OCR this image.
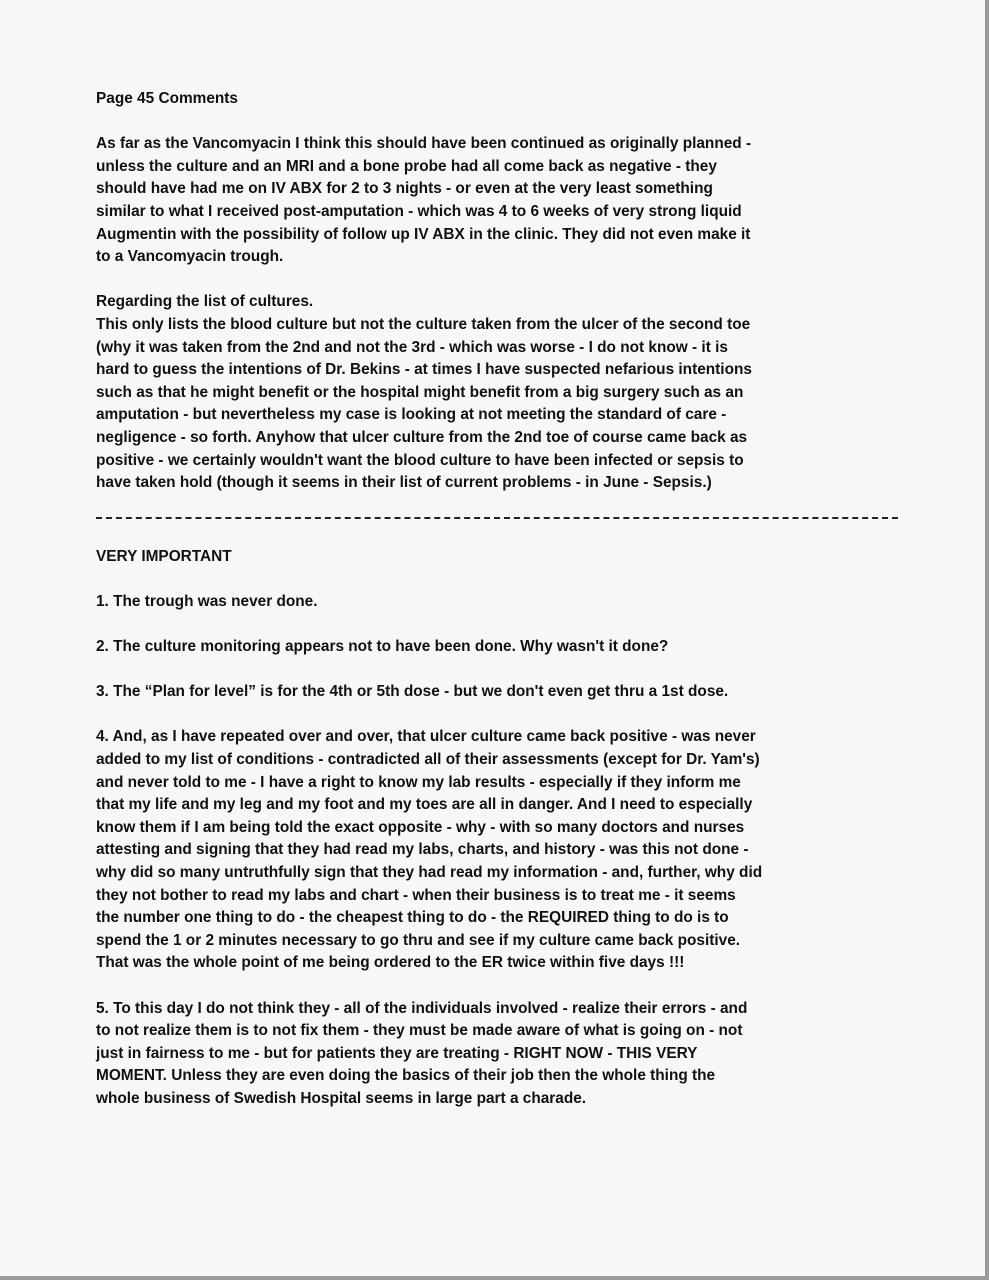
Page 45 Comments
As far as the Vancomyacin I think this should have been continued as originally planned -
unless the culture and an MRI and a bone probe had all come back as negative - they
should have had me on IV ABX for 2 to 3 nights - or even at the very least something
similar to what I received post-amputation - which was 4 to 6 weeks of very strong liquid
Augmentin with the possibility of follow up IV ABX in the clinic. They did not even make it
to a Vancomyacin trough.
Regarding the list of cultures.
This only lists the blood culture but not the culture taken from the ulcer of the second toe
(why it was taken from the 2nd and not the 3rd - which was worse - I do not know - it is
hard to guess the intentions of Dr. Bekins - at times I have suspected nefarious intentions
such as that he might benefit or the hospital might benefit from a big surgery such as an
amputation - but nevertheless my case is looking at not meeting the standard of care -
negligence - so forth. Anyhow that ulcer culture from the 2nd toe of course came back as
positive - we certainly wouldn't want the blood culture to have been infected or sepsis to
have taken hold (though it seems in their list of current problems - in June - Sepsis.)
VERY IMPORTANT
1. The trough was never done.
2. The culture monitoring appears not to have been done. Why wasn't it done?
3. The “Plan for level” is for the 4th or 5th dose - but we don't even get thru a 1st dose.
4. And, as I have repeated over and over, that ulcer culture came back positive - was never
added to my list of conditions - contradicted all of their assessments (except for Dr. Yam's)
and never told to me - I have a right to know my lab results - especially if they inform me
that my life and my leg and my foot and my toes are all in danger. And I need to especially
know them if I am being told the exact opposite - why - with so many doctors and nurses
attesting and signing that they had read my labs, charts, and history - was this not done -
why did so many untruthfully sign that they had read my information - and, further, why did
they not bother to read my labs and chart - when their business is to treat me - it seems
the number one thing to do - the cheapest thing to do - the REQUIRED thing to do is to
spend the 1 or 2 minutes necessary to go thru and see if my culture came back positive.
That was the whole point of me being ordered to the ER twice within five days !!!
5. To this day I do not think they - all of the individuals involved - realize their errors - and
to not realize them is to not fix them - they must be made aware of what is going on - not
just in fairness to me - but for patients they are treating - RIGHT NOW - THIS VERY
MOMENT. Unless they are even doing the basics of their job then the whole thing the
whole business of Swedish Hospital seems in large part a charade.
